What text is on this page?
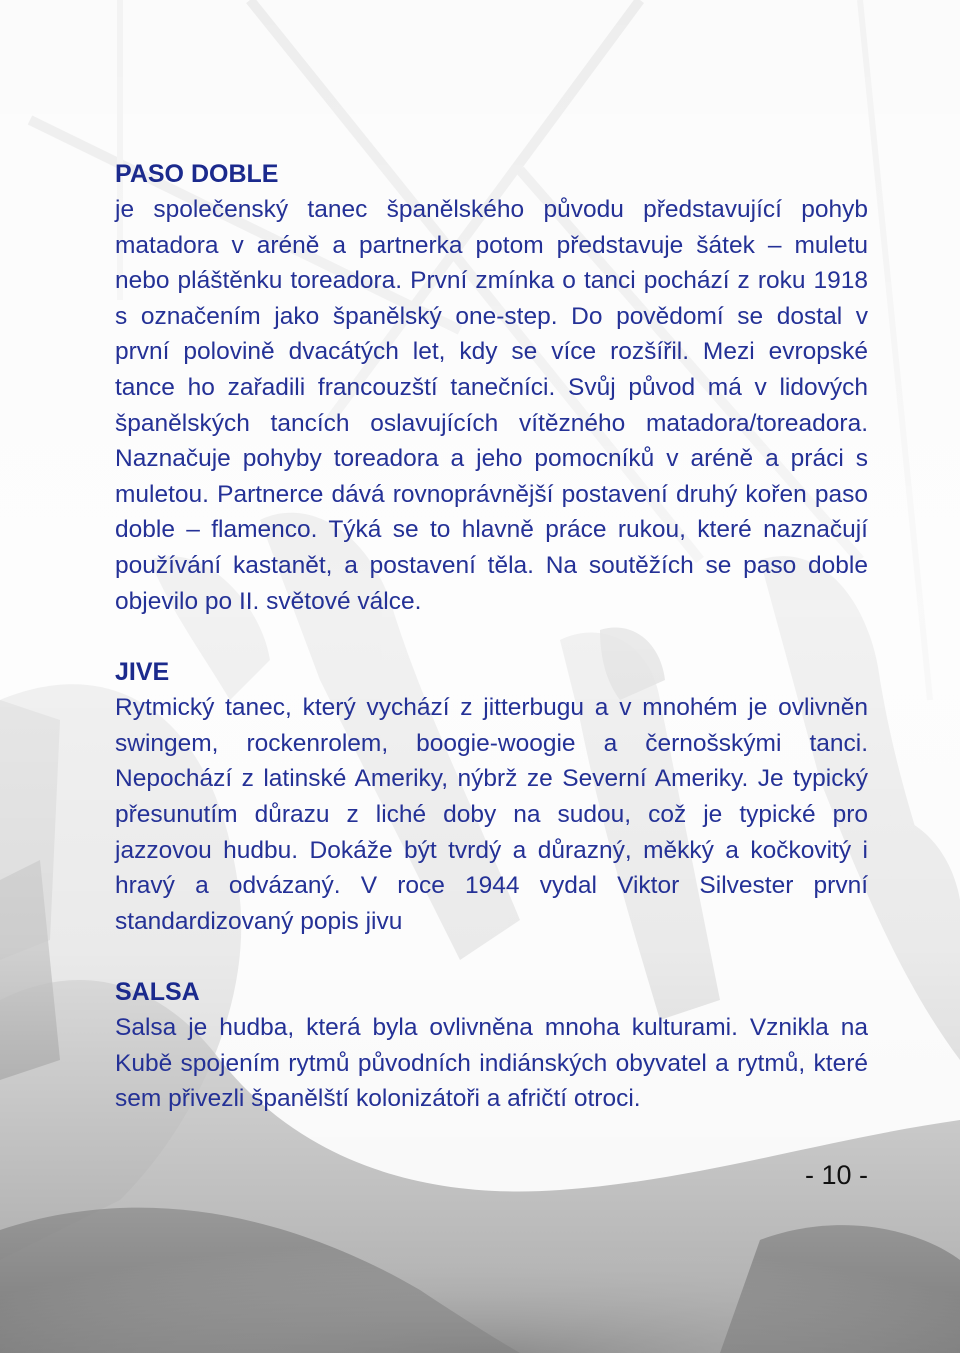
PASO DOBLE

je společenský tanec španělského původu představující pohyb matadora v aréně a partnerka potom představuje šátek – muletu nebo pláštěnku toreadora. První zmínka o tanci pochází z roku 1918 s označením jako španělský one-step. Do povědomí se dostal v první polovině dvacátých let, kdy se více rozšířil. Mezi evropské tance ho zařadili francouzští tanečníci. Svůj původ má v lidových španělských tancích oslavujících vítězného matadora/toreadora. Naznačuje pohyby toreadora a jeho pomocníků v aréně a práci s muletou. Partnerce dává rovnoprávnější postavení druhý kořen paso doble – flamenco. Týká se to hlavně práce rukou, které naznačují používání kastanět, a postavení těla. Na soutěžích se paso doble objevilo po II. světové válce.

JIVE

Rytmický tanec, který vychází z jitterbugu a v mnohém je ovlivněn swingem, rockenrolem, boogie-woogie a černošskými tanci. Nepochází z latinské Ameriky, nýbrž ze Severní Ameriky. Je typický přesunutím důrazu z liché doby na sudou, což je typické pro jazzovou hudbu. Dokáže být tvrdý a důrazný, měkký a kočkovitý i hravý a odvázaný. V roce 1944 vydal Viktor Silvester první standardizovaný popis jivu

SALSA

Salsa je hudba, která byla ovlivněna mnoha kulturami. Vznikla na Kubě spojením rytmů původních indiánských obyvatel a rytmů, které sem přivezli španělští kolonizátoři a afričtí otroci.

- 10 -
